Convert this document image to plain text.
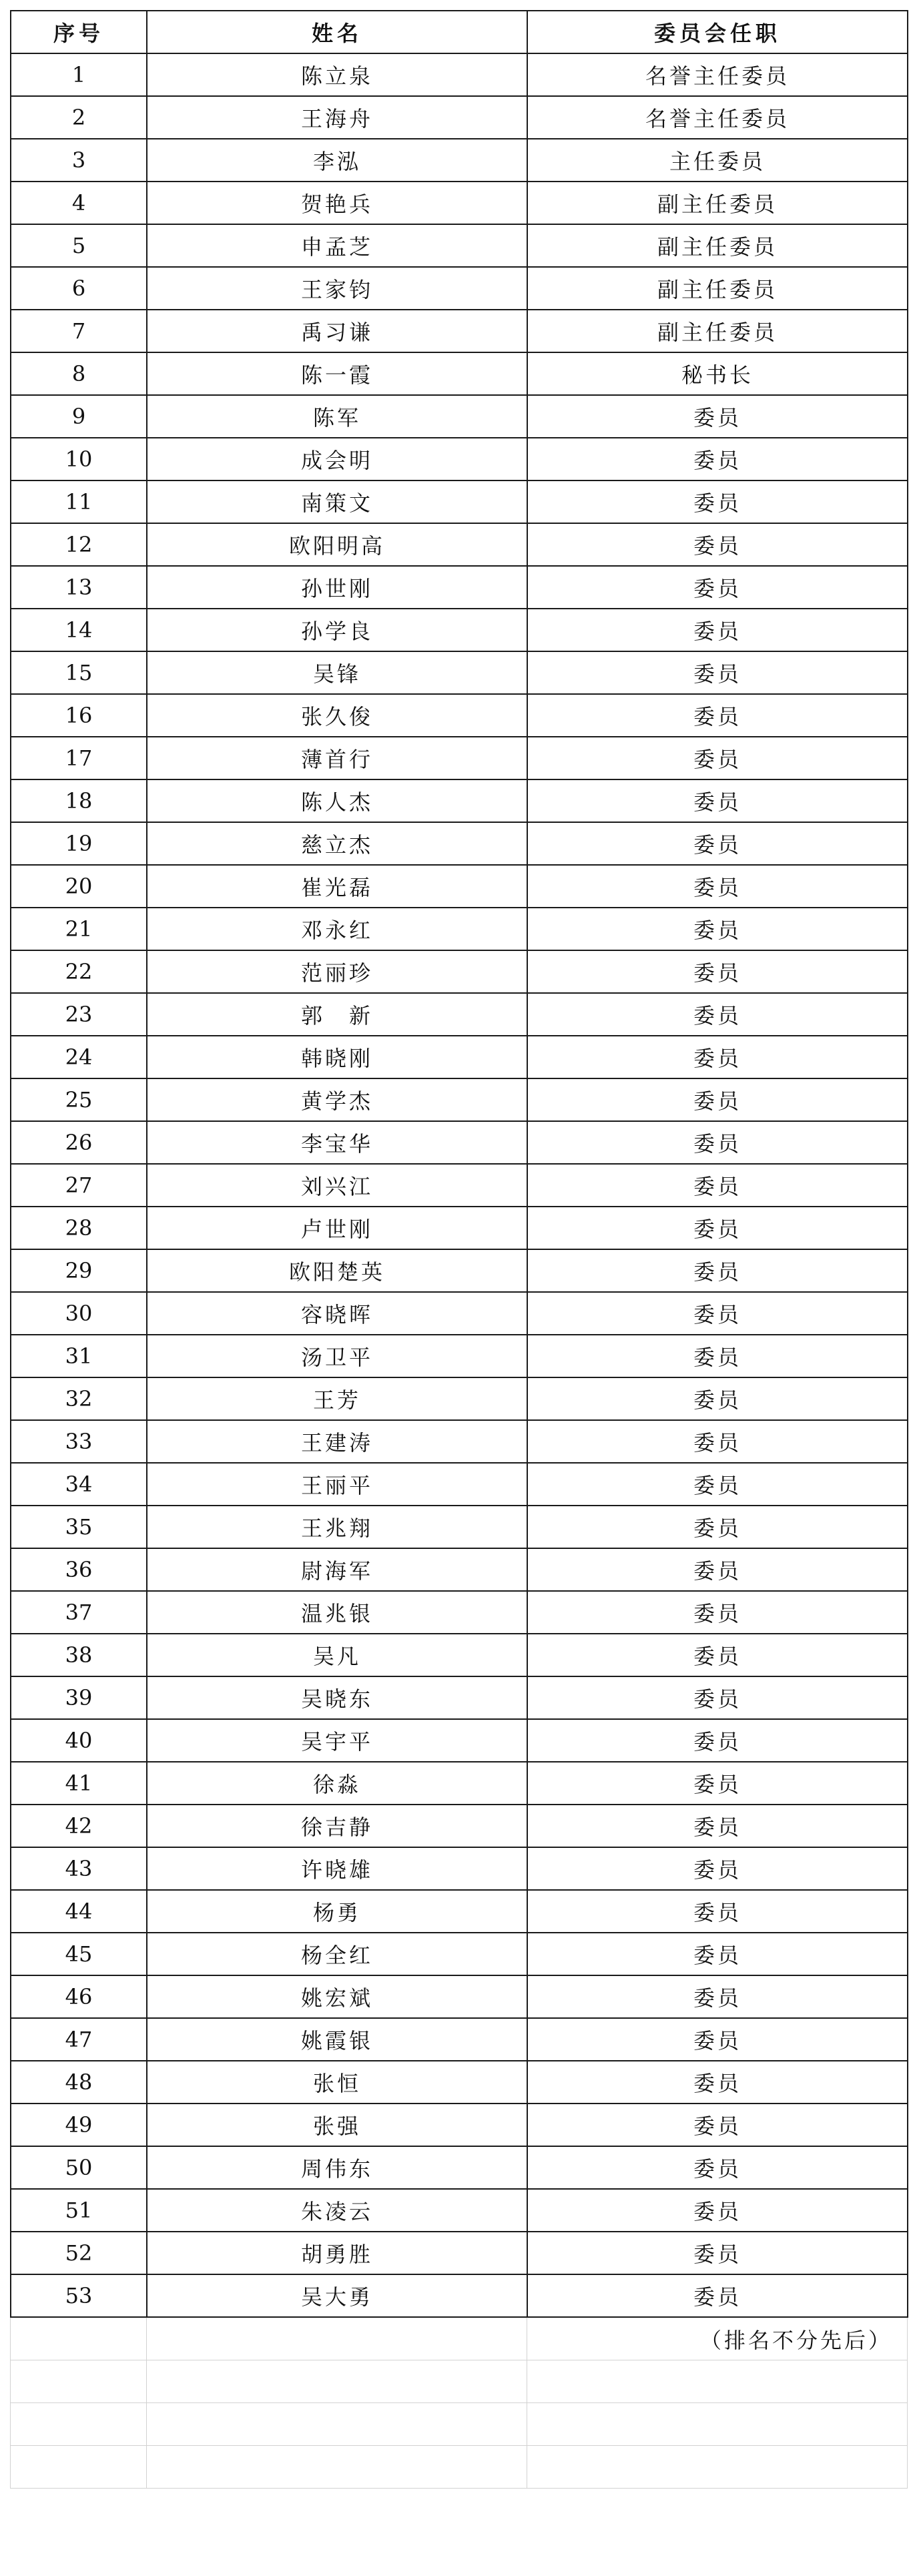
序号	姓名	委员会任职
1	陈立泉	名誉主任委员
2	王海舟	名誉主任委员
3	李泓	主任委员
4	贺艳兵	副主任委员
5	申孟芝	副主任委员
6	王家钧	副主任委员
7	禹习谦	副主任委员
8	陈一霞	秘书长
9	陈军	委员
10	成会明	委员
11	南策文	委员
12	欧阳明高	委员
13	孙世刚	委员
14	孙学良	委员
15	吴锋	委员
16	张久俊	委员
17	薄首行	委员
18	陈人杰	委员
19	慈立杰	委员
20	崔光磊	委员
21	邓永红	委员
22	范丽珍	委员
23	郭　新	委员
24	韩晓刚	委员
25	黄学杰	委员
26	李宝华	委员
27	刘兴江	委员
28	卢世刚	委员
29	欧阳楚英	委员
30	容晓晖	委员
31	汤卫平	委员
32	王芳	委员
33	王建涛	委员
34	王丽平	委员
35	王兆翔	委员
36	尉海军	委员
37	温兆银	委员
38	吴凡	委员
39	吴晓东	委员
40	吴宇平	委员
41	徐淼	委员
42	徐吉静	委员
43	许晓雄	委员
44	杨勇	委员
45	杨全红	委员
46	姚宏斌	委员
47	姚霞银	委员
48	张恒	委员
49	张强	委员
50	周伟东	委员
51	朱凌云	委员
52	胡勇胜	委员
53	吴大勇	委员
		（排名不分先后）
